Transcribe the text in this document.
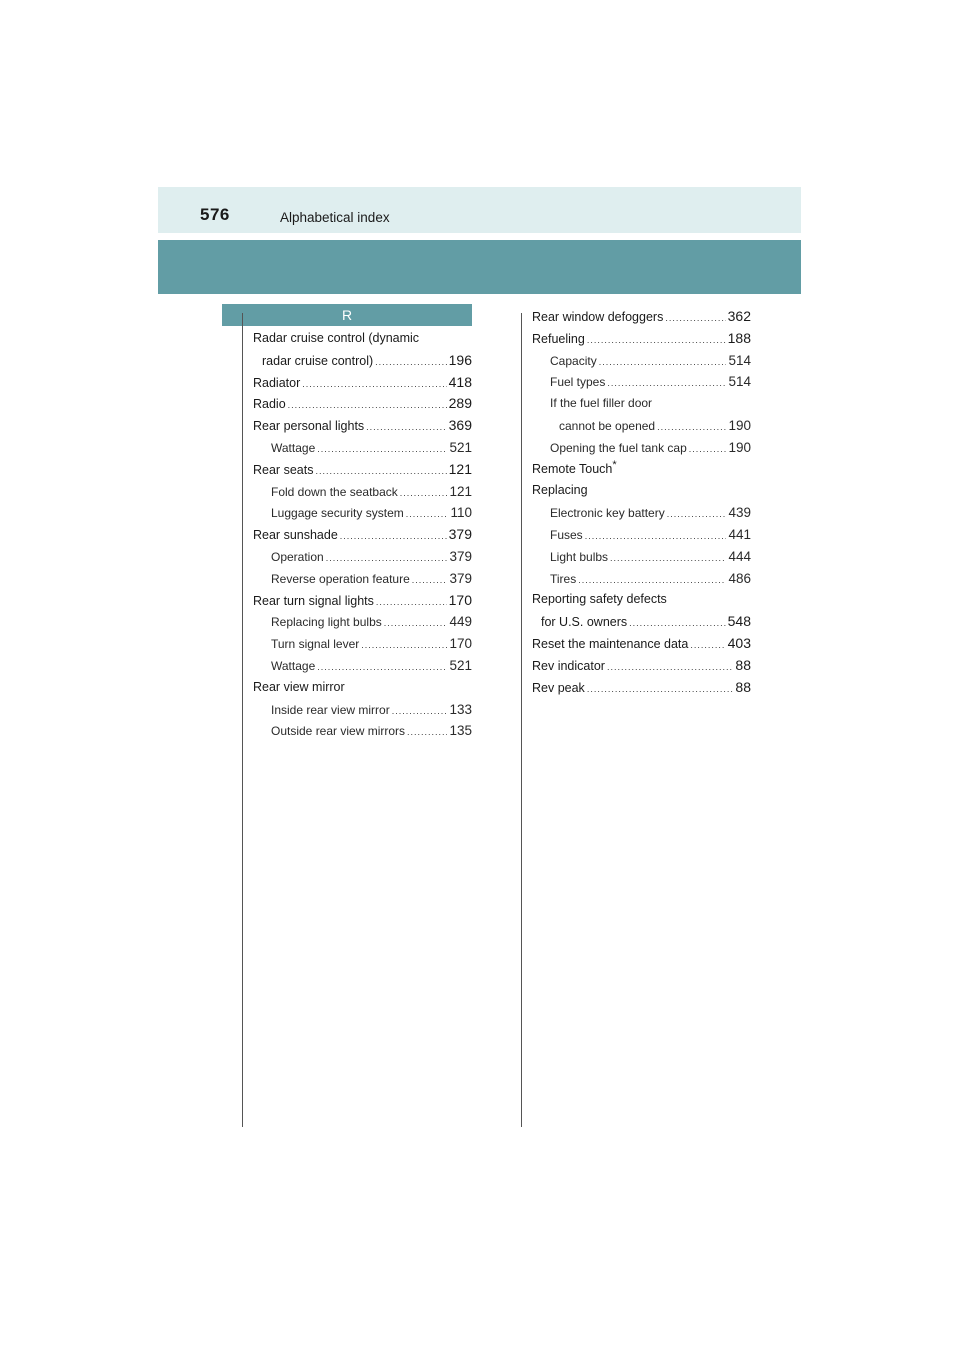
576	Alphabetical index
R
Radar cruise control (dynamic
radar cruise control) .....	196
Radiator .....	418
Radio .....	289
Rear personal lights .....	369
Wattage .....	521
Rear seats .....	121
Fold down the seatback .....	121
Luggage security system .....	110
Rear sunshade .....	379
Operation .....	379
Reverse operation feature .....	379
Rear turn signal lights .....	170
Replacing light bulbs .....	449
Turn signal lever .....	170
Wattage .....	521
Rear view mirror
Inside rear view mirror .....	133
Outside rear view mirrors .....	135
Rear window defoggers .....	362
Refueling .....	188
Capacity .....	514
Fuel types .....	514
If the fuel filler door
cannot be opened .....	190
Opening the fuel tank cap .....	190
Remote Touch*
Replacing
Electronic key battery .....	439
Fuses .....	441
Light bulbs .....	444
Tires .....	486
Reporting safety defects
for U.S. owners .....	548
Reset the maintenance data .....	403
Rev indicator .....	88
Rev peak .....	88
